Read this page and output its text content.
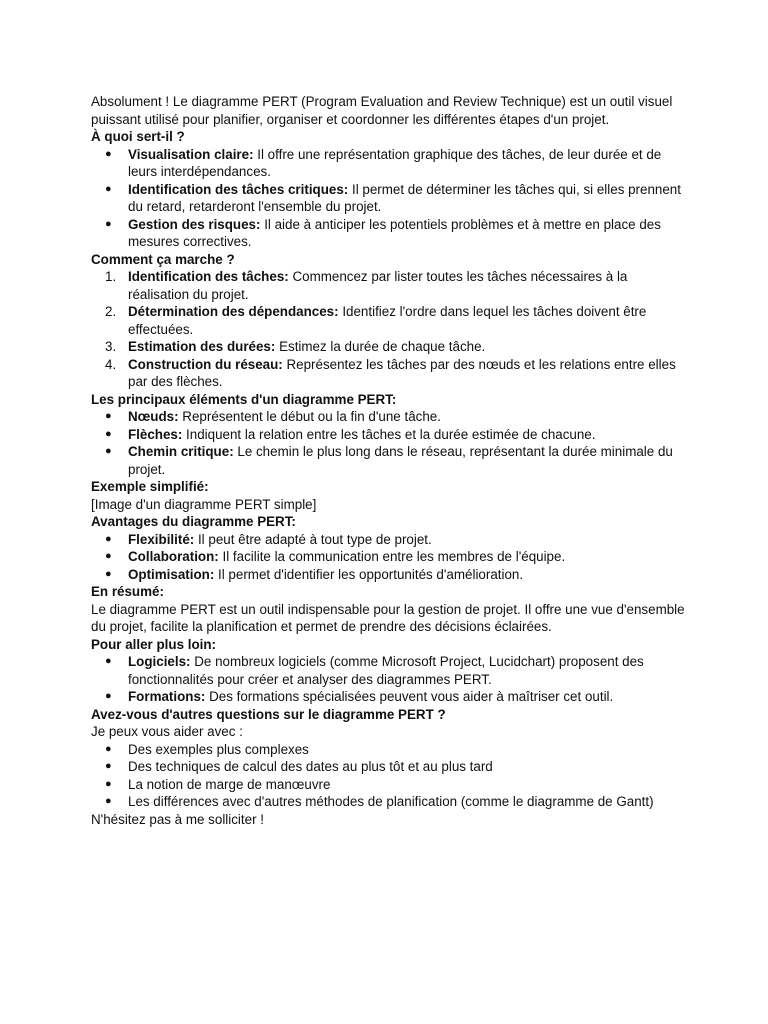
Absolument ! Le diagramme PERT (Program Evaluation and Review Technique) est un outil visuel puissant utilisé pour planifier, organiser et coordonner les différentes étapes d'un projet.

À quoi sert-il ?

● Visualisation claire: Il offre une représentation graphique des tâches, de leur durée et de leurs interdépendances.
● Identification des tâches critiques: Il permet de déterminer les tâches qui, si elles prennent du retard, retarderont l'ensemble du projet.
● Gestion des risques: Il aide à anticiper les potentiels problèmes et à mettre en place des mesures correctives.

Comment ça marche ?

1. Identification des tâches: Commencez par lister toutes les tâches nécessaires à la réalisation du projet.
2. Détermination des dépendances: Identifiez l'ordre dans lequel les tâches doivent être effectuées.
3. Estimation des durées: Estimez la durée de chaque tâche.
4. Construction du réseau: Représentez les tâches par des nœuds et les relations entre elles par des flèches.

Les principaux éléments d'un diagramme PERT:

● Nœuds: Représentent le début ou la fin d'une tâche.
● Flèches: Indiquent la relation entre les tâches et la durée estimée de chacune.
● Chemin critique: Le chemin le plus long dans le réseau, représentant la durée minimale du projet.

Exemple simplifié:

[Image d'un diagramme PERT simple]

Avantages du diagramme PERT:

● Flexibilité: Il peut être adapté à tout type de projet.
● Collaboration: Il facilite la communication entre les membres de l'équipe.
● Optimisation: Il permet d'identifier les opportunités d'amélioration.

En résumé:

Le diagramme PERT est un outil indispensable pour la gestion de projet. Il offre une vue d'ensemble du projet, facilite la planification et permet de prendre des décisions éclairées.

Pour aller plus loin:

● Logiciels: De nombreux logiciels (comme Microsoft Project, Lucidchart) proposent des fonctionnalités pour créer et analyser des diagrammes PERT.
● Formations: Des formations spécialisées peuvent vous aider à maîtriser cet outil.

Avez-vous d'autres questions sur le diagramme PERT ?

Je peux vous aider avec :

● Des exemples plus complexes
● Des techniques de calcul des dates au plus tôt et au plus tard
● La notion de marge de manœuvre
● Les différences avec d'autres méthodes de planification (comme le diagramme de Gantt)

N'hésitez pas à me solliciter !
